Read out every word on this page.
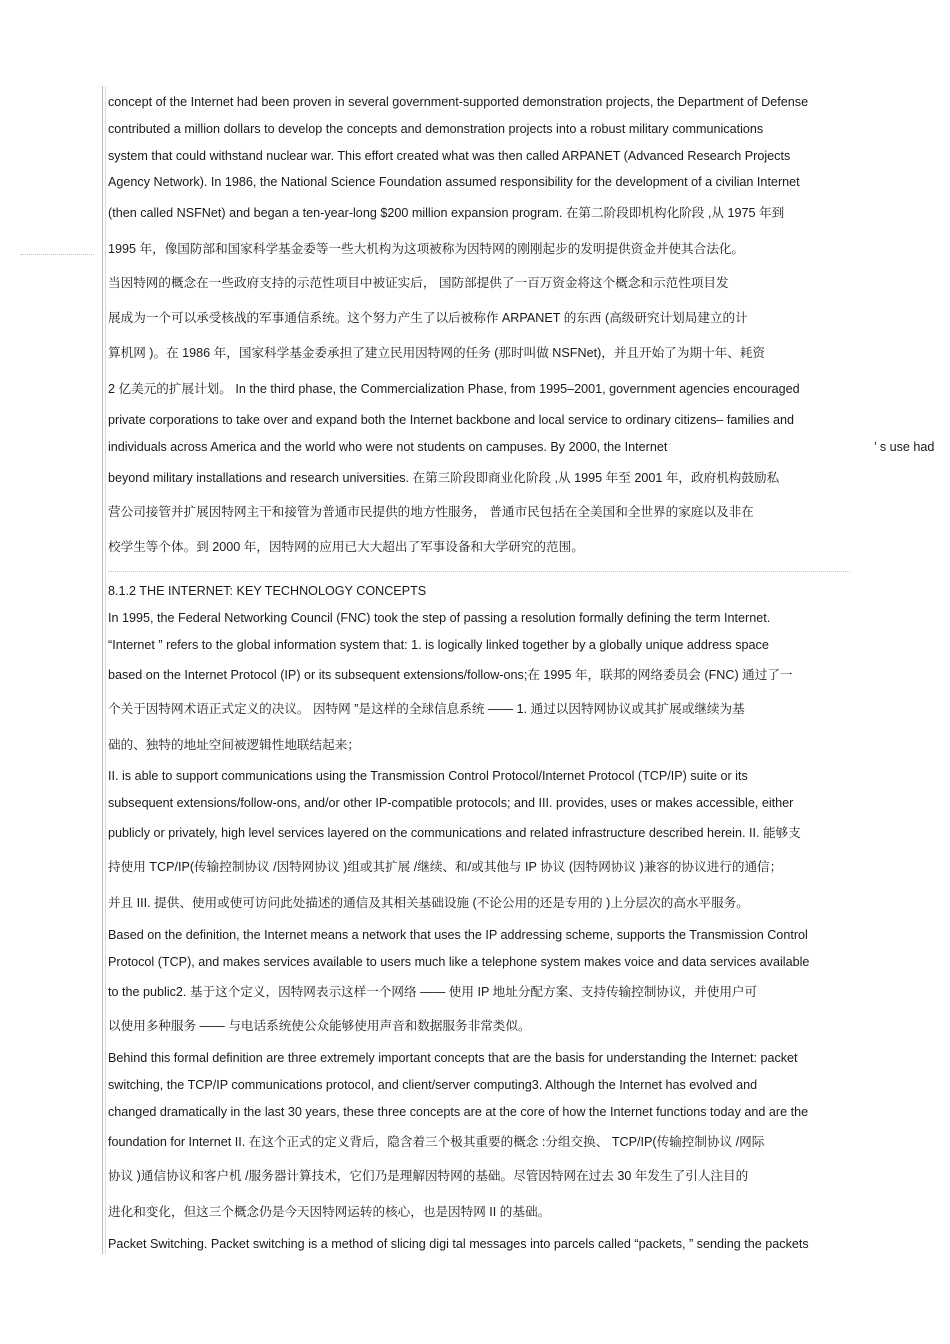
concept of the Internet had been proven in several government-supported demonstration projects, the Department of Defense
contributed a million dollars to develop the concepts and demonstration projects into a robust military communications
system that could withstand nuclear war. This effort created what was then called ARPANET (Advanced Research Projects
Agency Network). In 1986, the National Science Foundation assumed responsibility for the development of a civilian Internet
(then called NSFNet) and began a ten-year-long $200 million expansion program. 在第二阶段即机构化阶段 ,从 1975 年到
1995 年，像国防部和国家科学基金委等一些大机构为这项被称为因特网的刚刚起步的发明提供资金并使其合法化。
当因特网的概念在一些政府支持的示范性项目中被证实后， 国防部提供了一百万资金将这个概念和示范性项目发
展成为一个可以承受核战的军事通信系统。这个努力产生了以后被称作 ARPANET 的东西 (高级研究计划局建立的计
算机网 )。在 1986 年，国家科学基金委承担了建立民用因特网的任务 (那时叫做 NSFNet)，并且开始了为期十年、耗资
2 亿美元的扩展计划。 In the third phase, the Commercialization Phase, from 1995–2001, government agencies encouraged
private corporations to take over and expand both the Internet backbone and local service to ordinary citizens– families and
individuals across America and the world who were not students on campuses. By 2000, the Internet
beyond military installations and research universities. 在第三阶段即商业化阶段 ,从 1995 年至 2001 年，政府机构鼓励私
营公司接管并扩展因特网主干和接管为普通市民提供的地方性服务， 普通市民包括在全美国和全世界的家庭以及非在
校学生等个体。到 2000 年，因特网的应用已大大超出了军事设备和大学研究的范围。
8.1.2 THE INTERNET: KEY TECHNOLOGY CONCEPTS
In 1995, the Federal Networking Council (FNC) took the step of passing a resolution formally defining the term Internet.
“Internet ” refers to the global information system that: 1. is logically linked together by a globally unique address space
based on the Internet Protocol (IP) or its subsequent extensions/follow-ons;在 1995 年，联邦的网络委员会 (FNC) 通过了一
个关于因特网术语正式定义的决议。 因特网 ”是这样的全球信息系统 —— 1. 通过以因特网协议或其扩展或继续为基
础的、独特的地址空间被逻辑性地联结起来；
II. is able to support communications using the Transmission Control Protocol/Internet Protocol (TCP/IP) suite or its
subsequent extensions/follow-ons, and/or other IP-compatible protocols; and III. provides, uses or makes accessible, either
publicly or privately, high level services layered on the communications and related infrastructure described herein. II. 能够支
持使用 TCP/IP(传输控制协议 /因特网协议 )组或其扩展 /继续、和/或其他与 IP 协议 (因特网协议 )兼容的协议进行的通信；
并且 III. 提供、使用或使可访问此处描述的通信及其相关基础设施 (不论公用的还是专用的 )上分层次的高水平服务。
Based on the definition, the Internet means a network that uses the IP addressing scheme, supports the Transmission Control
Protocol (TCP), and makes services available to users much like a telephone system makes voice and data services available
to the public2. 基于这个定义，因特网表示这样一个网络 —— 使用 IP 地址分配方案、支持传输控制协议，并使用户可
以使用多种服务 —— 与电话系统使公众能够使用声音和数据服务非常类似。
Behind this formal definition are three extremely important concepts that are the basis for understanding the Internet: packet
switching, the TCP/IP communications protocol, and client/server computing3. Although the Internet has evolved and
changed dramatically in the last 30 years, these three concepts are at the core of how the Internet functions today and are the
foundation for Internet II. 在这个正式的定义背后，隐含着三个极其重要的概念 :分组交换、 TCP/IP(传输控制协议 /网际
协议 )通信协议和客户机 /服务器计算技术，它们乃是理解因特网的基础。尽管因特网在过去 30 年发生了引人注目的
进化和变化，但这三个概念仍是今天因特网运转的核心，也是因特网 II 的基础。
Packet Switching. Packet switching is a method of slicing digi tal messages into parcels called “packets, ” sending the packets
’ s use had
